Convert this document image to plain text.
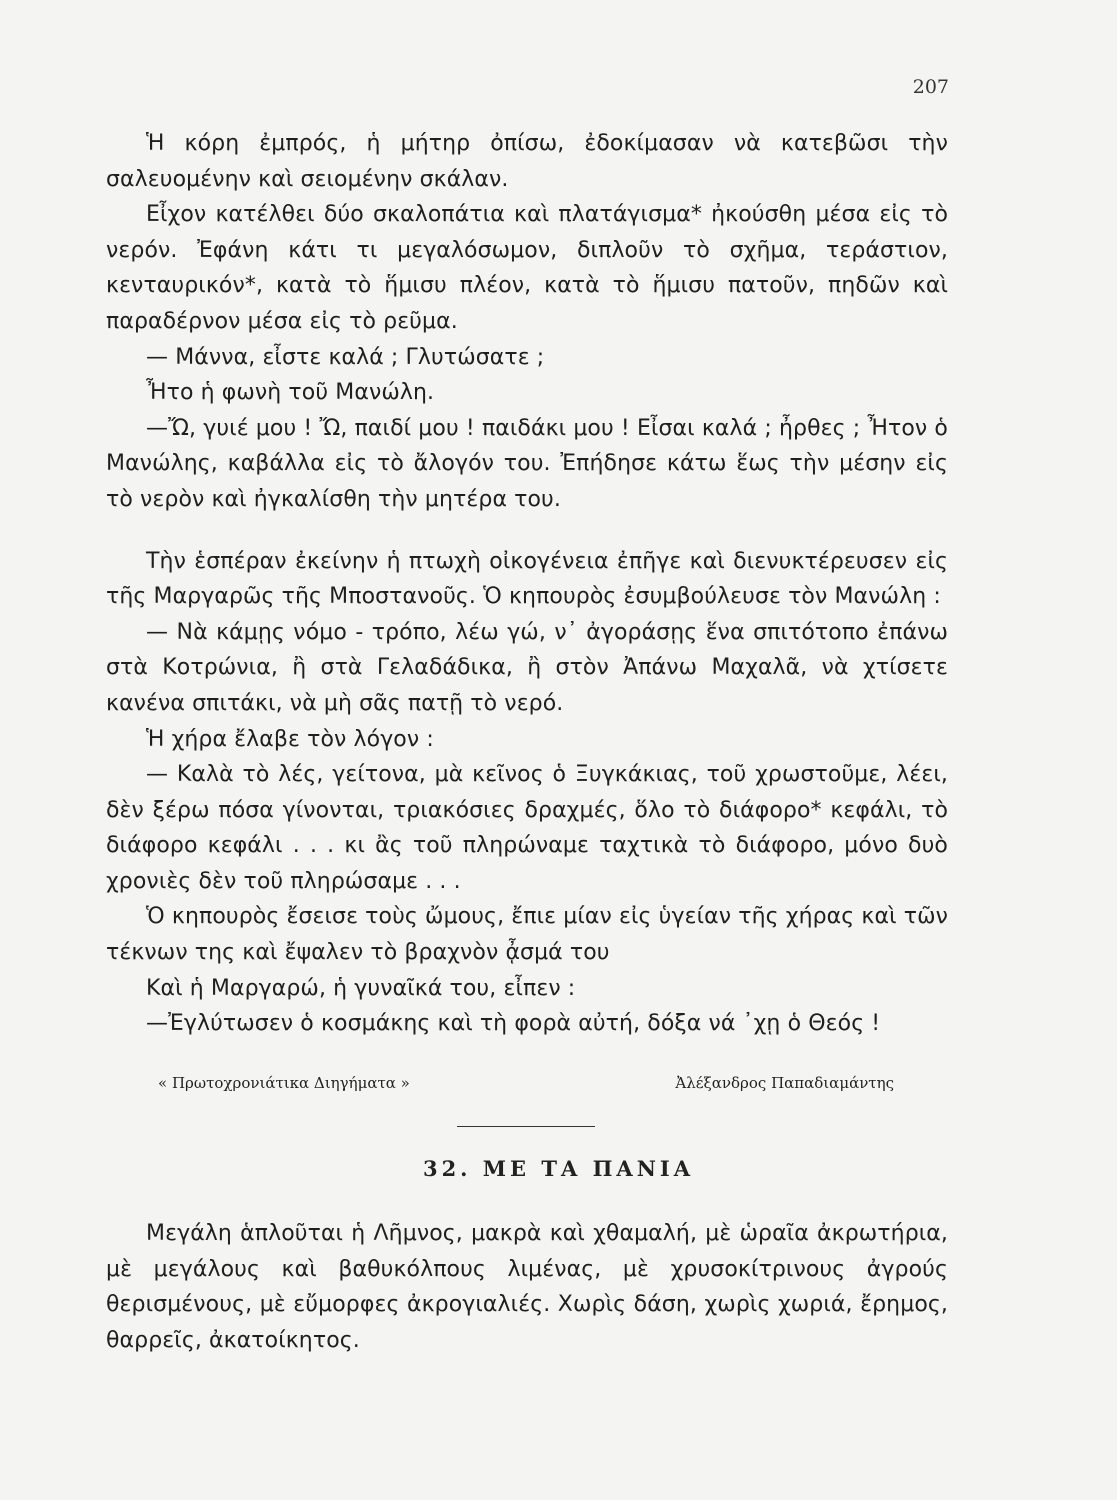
207

Ἡ κόρη ἐμπρός, ἡ μήτηρ ὀπίσω, ἐδοκίμασαν νὰ κατεβῶσι τὴν σαλευομένην καὶ σειομένην σκάλαν.

Εἶχον κατέλθει δύο σκαλοπάτια καὶ πλατάγισμα* ἠκούσθη μέσα εἰς τὸ νερόν. Ἐφάνη κάτι τι μεγαλόσωμον, διπλοῦν τὸ σχῆμα, τεράστιον, κενταυρικόν*, κατὰ τὸ ἥμισυ πλέον, κατὰ τὸ ἥμισυ πατοῦν, πηδῶν καὶ παραδέρνον μέσα εἰς τὸ ρεῦμα.

— Μάννα, εἶστε καλά ; Γλυτώσατε ;

Ἦτο ἡ φωνὴ τοῦ Μανώλη.

—Ὤ, γυιέ μου ! Ὤ, παιδί μου ! παιδάκι μου ! Εἶσαι καλά ; ἦρθες ; Ἦτον ὁ Μανώλης, καβάλλα εἰς τὸ ἄλογόν του. Ἐπήδησε κάτω ἕως τὴν μέσην εἰς τὸ νερὸν καὶ ἠγκαλίσθη τὴν μητέρα του.

Τὴν ἑσπέραν ἐκείνην ἡ πτωχὴ οἰκογένεια ἐπῆγε καὶ διενυκτέρευσεν εἰς τῆς Μαργαρῶς τῆς Μποστανοῦς. Ὁ κηπουρὸς ἐσυμβούλευσε τὸν Μανώλη :

— Νὰ κάμῃς νόμο - τρόπο, λέω γώ, ν᾿ ἀγοράσῃς ἕνα σπιτότοπο ἐπάνω στὰ Κοτρώνια, ἢ στὰ Γελαδάδικα, ἢ στὸν Ἀπάνω Μαχαλᾶ, νὰ χτίσετε κανένα σπιτάκι, νὰ μὴ σᾶς πατῇ τὸ νερό.

Ἡ χήρα ἔλαβε τὸν λόγον :

— Καλὰ τὸ λές, γείτονα, μὰ κεῖνος ὁ Ξυγκάκιας, τοῦ χρωστοῦμε, λέει, δὲν ξέρω πόσα γίνονται, τριακόσιες δραχμές, ὅλο τὸ διάφορο* κεφάλι, τὸ διάφορο κεφάλι . . . κι ἂς τοῦ πληρώναμε ταχτικὰ τὸ διάφορο, μόνο δυὸ χρονιὲς δὲν τοῦ πληρώσαμε . . .

Ὁ κηπουρὸς ἔσεισε τοὺς ὤμους, ἔπιε μίαν εἰς ὑγείαν τῆς χήρας καὶ τῶν τέκνων της καὶ ἔψαλεν τὸ βραχνὸν ᾆσμά του

Καὶ ἡ Μαργαρώ, ἡ γυναῖκά του, εἶπεν :

—Ἐγλύτωσεν ὁ κοσμάκης καὶ τὴ φορὰ αὐτή, δόξα νά ᾿χῃ ὁ Θεός !

« Πρωτοχρονιάτικα Διηγήματα »	Ἀλέξανδρος Παπαδιαμάντης
32. ΜΕ ΤΑ ΠΑΝΙΑ

Μεγάλη ἁπλοῦται ἡ Λῆμνος, μακρὰ καὶ χθαμαλή, μὲ ὡραῖα ἀκρωτήρια, μὲ μεγάλους καὶ βαθυκόλπους λιμένας, μὲ χρυσοκίτρινους ἀγρούς θερισμένους, μὲ εὔμορφες ἀκρογιαλιές. Χωρὶς δάση, χωρὶς χωριά, ἔρημος, θαρρεῖς, ἀκατοίκητος.
